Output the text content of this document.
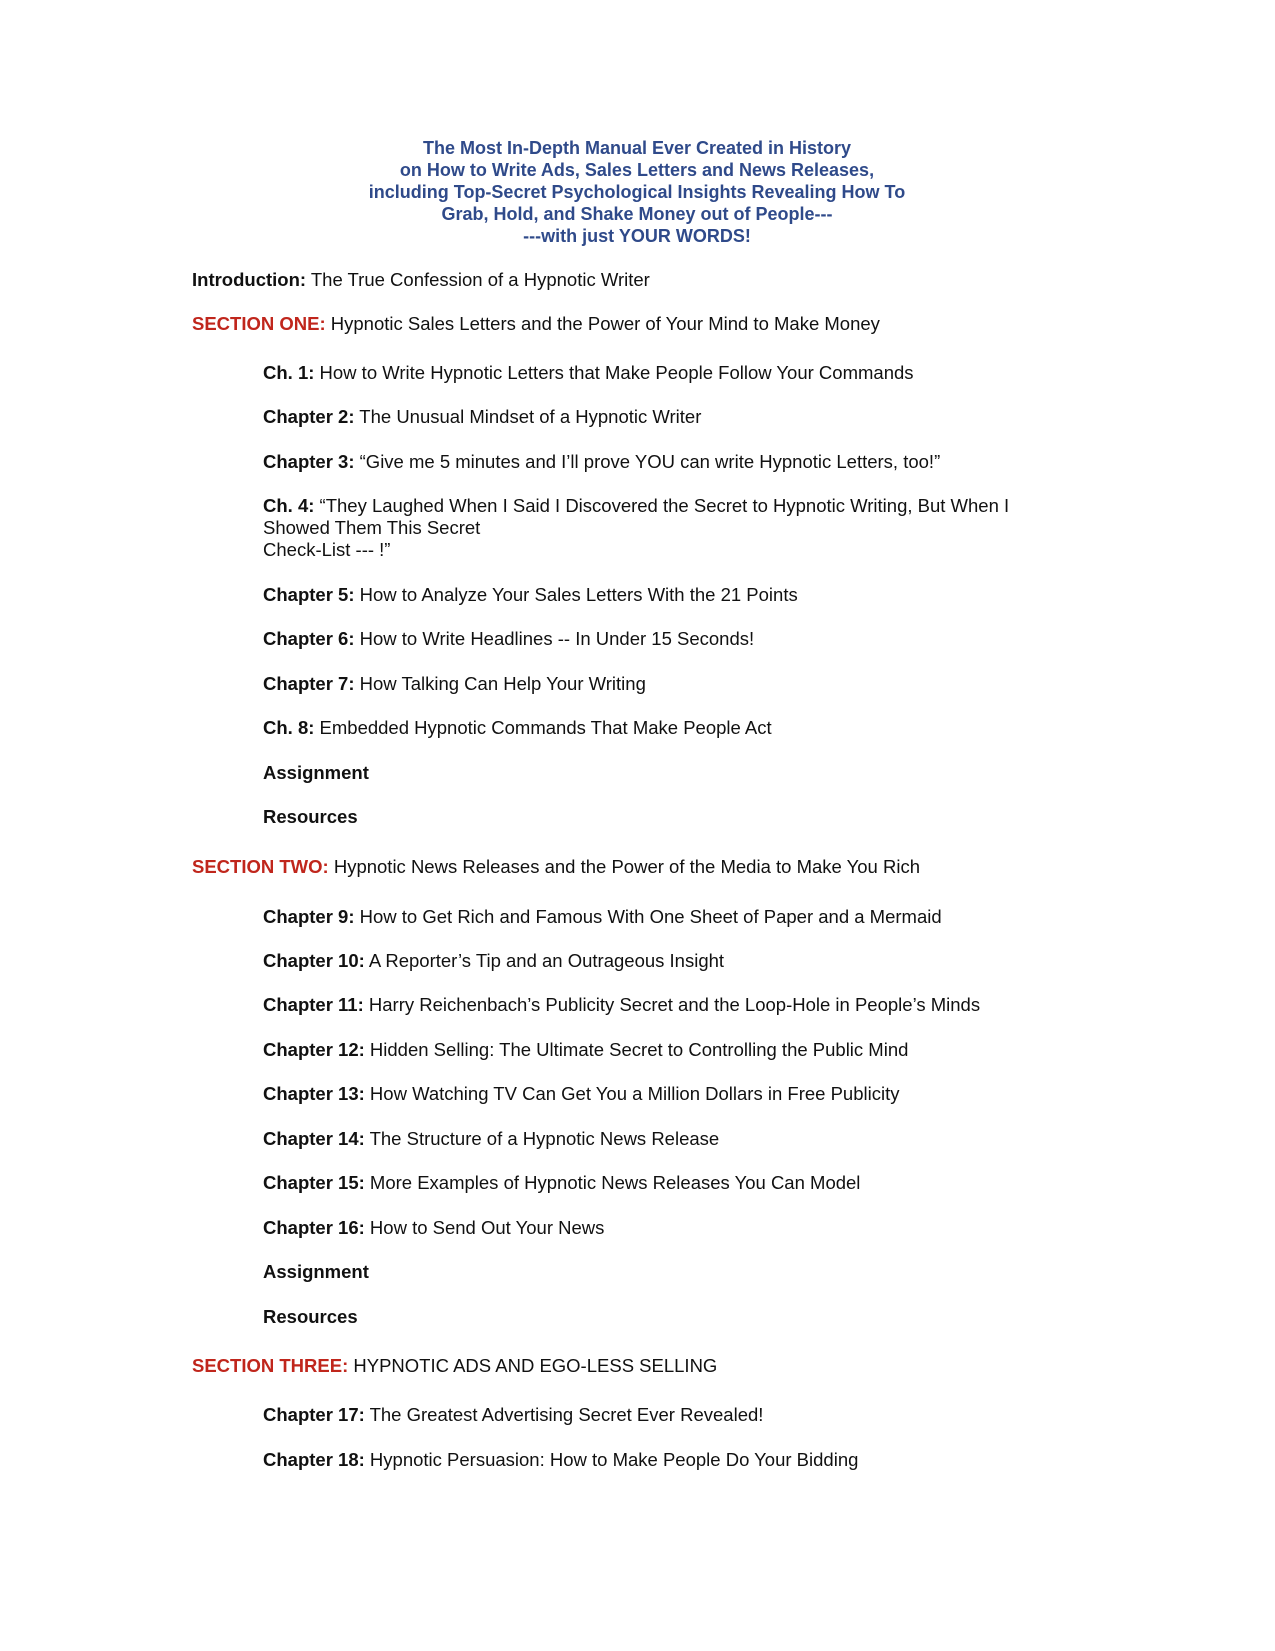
The Most In-Depth Manual Ever Created in History
on How to Write Ads, Sales Letters and News Releases,
including Top-Secret Psychological Insights Revealing How To
Grab, Hold, and Shake Money out of People---
---with just YOUR WORDS!
Introduction: The True Confession of a Hypnotic Writer
SECTION ONE: Hypnotic Sales Letters and the Power of Your Mind to Make Money
Ch. 1: How to Write Hypnotic Letters that Make People Follow Your Commands
Chapter 2: The Unusual Mindset of a Hypnotic Writer
Chapter 3: “Give me 5 minutes and I’ll prove YOU can write Hypnotic Letters, too!”
Ch. 4: “They Laughed When I Said I Discovered the Secret to Hypnotic Writing, But When I
Showed Them This Secret
Check-List --- !”
Chapter 5: How to Analyze Your Sales Letters With the 21 Points
Chapter 6: How to Write Headlines -- In Under 15 Seconds!
Chapter 7: How Talking Can Help Your Writing
Ch. 8: Embedded Hypnotic Commands That Make People Act
Assignment
Resources
SECTION TWO: Hypnotic News Releases and the Power of the Media to Make You Rich
Chapter 9: How to Get Rich and Famous With One Sheet of Paper and a Mermaid
Chapter 10: A Reporter’s Tip and an Outrageous Insight
Chapter 11: Harry Reichenbach’s Publicity Secret and the Loop-Hole in People’s Minds
Chapter 12: Hidden Selling: The Ultimate Secret to Controlling the Public Mind
Chapter 13: How Watching TV Can Get You a Million Dollars in Free Publicity
Chapter 14: The Structure of a Hypnotic News Release
Chapter 15: More Examples of Hypnotic News Releases You Can Model
Chapter 16: How to Send Out Your News
Assignment
Resources
SECTION THREE: HYPNOTIC ADS AND EGO-LESS SELLING
Chapter 17: The Greatest Advertising Secret Ever Revealed!
Chapter 18: Hypnotic Persuasion: How to Make People Do Your Bidding
